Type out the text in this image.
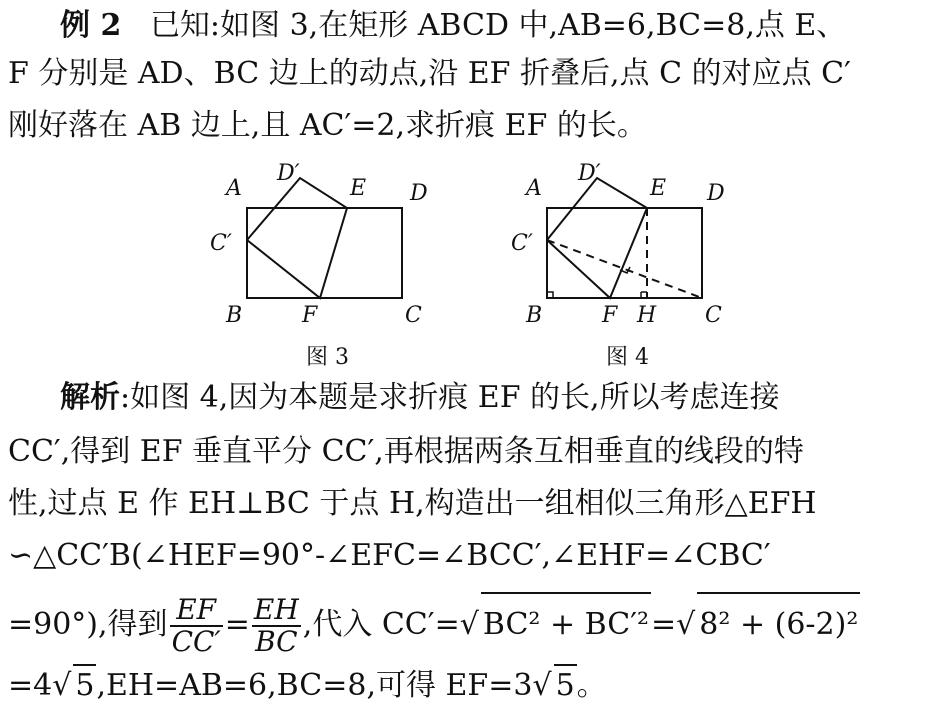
例 2 已知:如图 3,在矩形 ABCD 中,AB=6,BC=8,点 E、
F 分别是 AD、BC 边上的动点,沿 EF 折叠后,点 C 的对应点 C′
刚好落在 AB 边上,且 AC′=2,求折痕 EF 的长。
A
D′
E D
C′
B	F	C
A
D′
E D
C′
B	F H C
图 3	图 4
解析:如图 4,因为本题是求折痕 EF 的长,所以考虑连接
CC′,得到 EF 垂直平分 CC′,再根据两条互相垂直的线段的特
性,过点 E 作 EH⊥BC 于点 H,构造出一组相似三角形△EFH
∽△CC′B(∠HEF=90°-∠EFC=∠BCC′,∠EHF=∠CBC′
=90°),得到 $\frac{EF}{CC'} = \frac{EH}{BC}$ ,代入 CC′=√ BC² + BC′²=√ 8² + (6-2)²
=4√ 5,EH=AB=6,BC=8,可得 EF=3√ 5。
